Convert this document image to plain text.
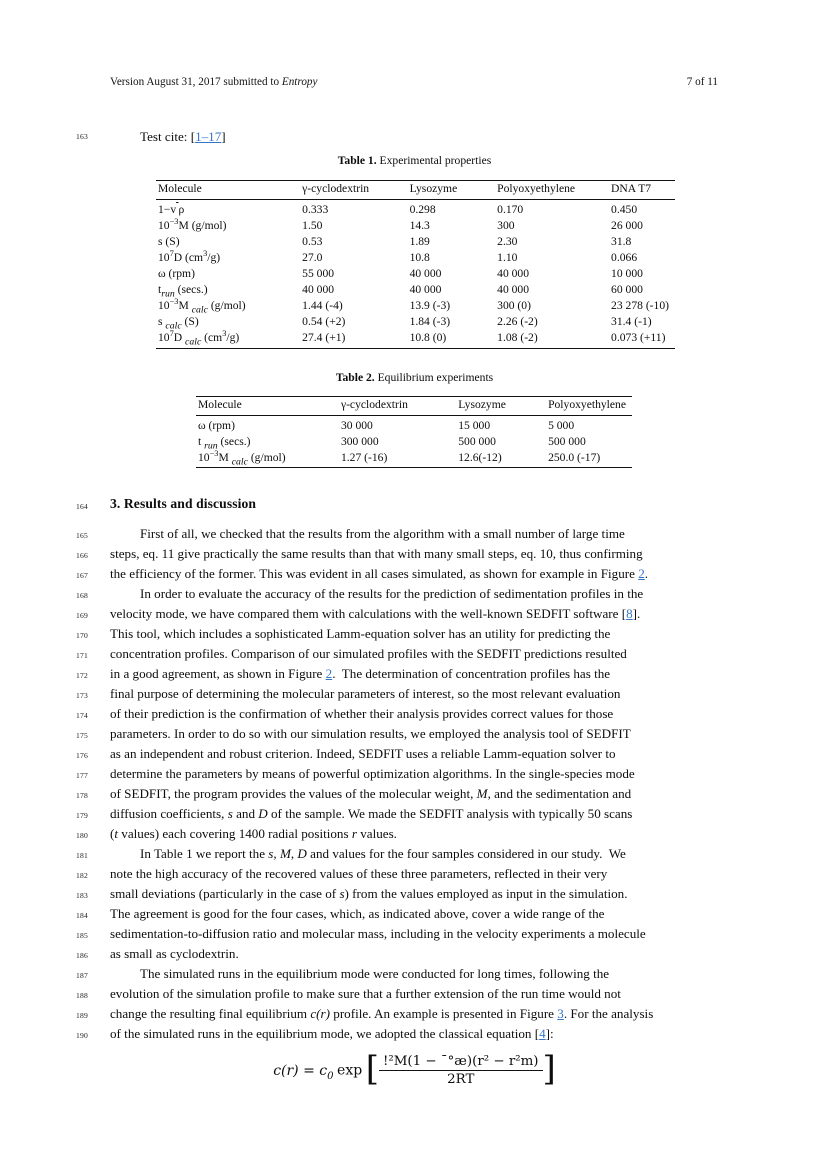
Version August 31, 2017 submitted to Entropy	7 of 11
163	Test cite: [1–17]
Table 1. Experimental properties
Molecule	γ-cyclodextrin	Lysozyme	Polyoxyethylene	DNA T7
1−v  ρ	0.333	0.298	0.170	0.450
$10^{-3}M$ (g/mol)	1.50	14.3	300	26 000
s (S)	0.53	1.89	2.30	31.8
$10^7D$ $(cm^3/g)$	27.0	10.8	1.10	0.066
ω (rpm)	55 000	40 000	40 000	10 000
$t_{run}$ (secs.)	40 000	40 000	40 000	60 000
$10^{-3}M$ $_{calc}$ (g/mol)	1.44 (-4)	13.9 (-3)	300 (0)	23 278 (-10)
s $_{calc}$ (S)	0.54 (+2)	1.84 (-3)	2.26 (-2)	31.4 (-1)
$10^7D$ $_{calc}$ $(cm^3/g)$	27.4 (+1)	10.8 (0)	1.08 (-2)	0.073 (+11)
Table 2. Equilibrium experiments
Molecule	γ-cyclodextrin	Lysozyme	Polyoxyethylene
ω (rpm)	30 000	15 000	5 000
t $_{run}$ (secs.)	300 000	500 000	500 000
$10^{-3}M$ $_{calc}$ (g/mol)	1.27 (-16)	12.6(-12)	250.0 (-17)
164	3. Results and discussion
165	First of all, we checked that the results from the algorithm with a small number of large time
166	steps, eq. 11 give practically the same results than that with many small steps, eq. 10, thus confirming
167	the efficiency of the former. This was evident in all cases simulated, as shown for example in Figure 2.
168	In order to evaluate the accuracy of the results for the prediction of sedimentation profiles in the
169	velocity mode, we have compared them with calculations with the well-known SEDFIT software [8].
170	This tool, which includes a sophisticated Lamm-equation solver has an utility for predicting the
171	concentration profiles. Comparison of our simulated profiles with the SEDFIT predictions resulted
172	in a good agreement, as shown in Figure 2.  The determination of concentration profiles has the
173	final purpose of determining the molecular parameters of interest, so the most relevant evaluation
174	of their prediction is the confirmation of whether their analysis provides correct values for those
175	parameters. In order to do so with our simulation results, we employed the analysis tool of SEDFIT
176	as an independent and robust criterion. Indeed, SEDFIT uses a reliable Lamm-equation solver to
177	determine the parameters by means of powerful optimization algorithms. In the single-species mode
178	of SEDFIT, the program provides the values of the molecular weight, M, and the sedimentation and
179	diffusion coefficients, s and D of the sample. We made the SEDFIT analysis with typically 50 scans
180	(t values) each covering 1400 radial positions r values.
181	In Table 1 we report the s, M, D and values for the four samples considered in our study.  We
182	note the high accuracy of the recovered values of these three parameters, reflected in their very
183	small deviations (particularly in the case of s) from the values employed as input in the simulation.
184	The agreement is good for the four cases, which, as indicated above, cover a wide range of the
185	sedimentation-to-diffusion ratio and molecular mass, including in the velocity experiments a molecule
186	as small as cyclodextrin.
187	The simulated runs in the equilibrium mode were conducted for long times, following the
188	evolution of the simulation profile to make sure that a further extension of the run time would not
189	change the resulting final equilibrium c(r) profile. An example is presented in Figure 3. For the analysis
190	of the simulated runs in the equilibrium mode, we adopted the classical equation [4]:
$c(r) = c_0$ exp [ $\frac{\text{!²M(1 − ˉ°æ)(r² − r²m)}}{2RT}$ ]
